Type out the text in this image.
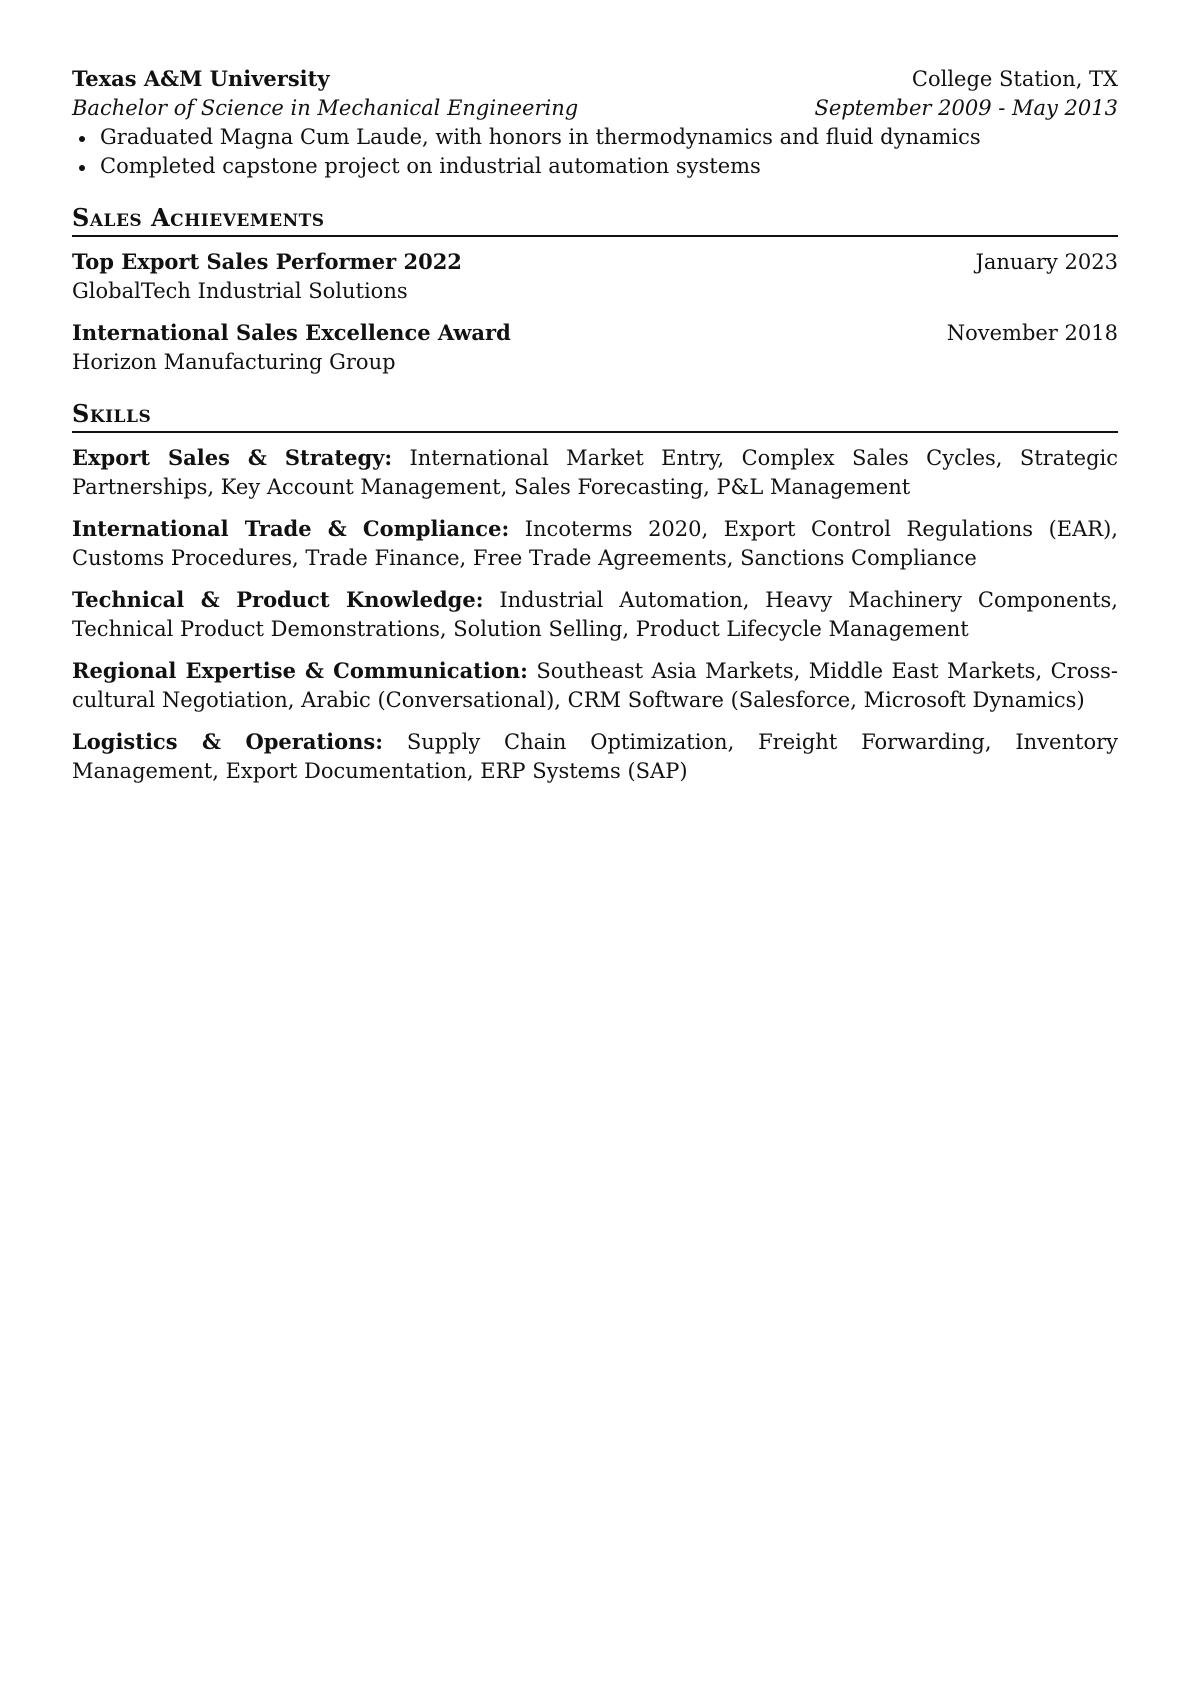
Texas A&M University	College Station, TX
Bachelor of Science in Mechanical Engineering	September 2009 - May 2013
Graduated Magna Cum Laude, with honors in thermodynamics and fluid dynamics
Completed capstone project on industrial automation systems
Sales Achievements
Top Export Sales Performer 2022	January 2023
GlobalTech Industrial Solutions
International Sales Excellence Award	November 2018
Horizon Manufacturing Group
Skills
Export Sales & Strategy: International Market Entry, Complex Sales Cycles, Strategic Partnerships, Key Account Management, Sales Forecasting, P&L Management
International Trade & Compliance: Incoterms 2020, Export Control Regulations (EAR), Customs Procedures, Trade Finance, Free Trade Agreements, Sanctions Compliance
Technical & Product Knowledge: Industrial Automation, Heavy Machinery Components, Technical Product Demonstrations, Solution Selling, Product Lifecycle Management
Regional Expertise & Communication: Southeast Asia Markets, Middle East Markets, Cross-cultural Negotiation, Arabic (Conversational), CRM Software (Salesforce, Microsoft Dynamics)
Logistics & Operations: Supply Chain Optimization, Freight Forwarding, Inventory Management, Export Documentation, ERP Systems (SAP)
